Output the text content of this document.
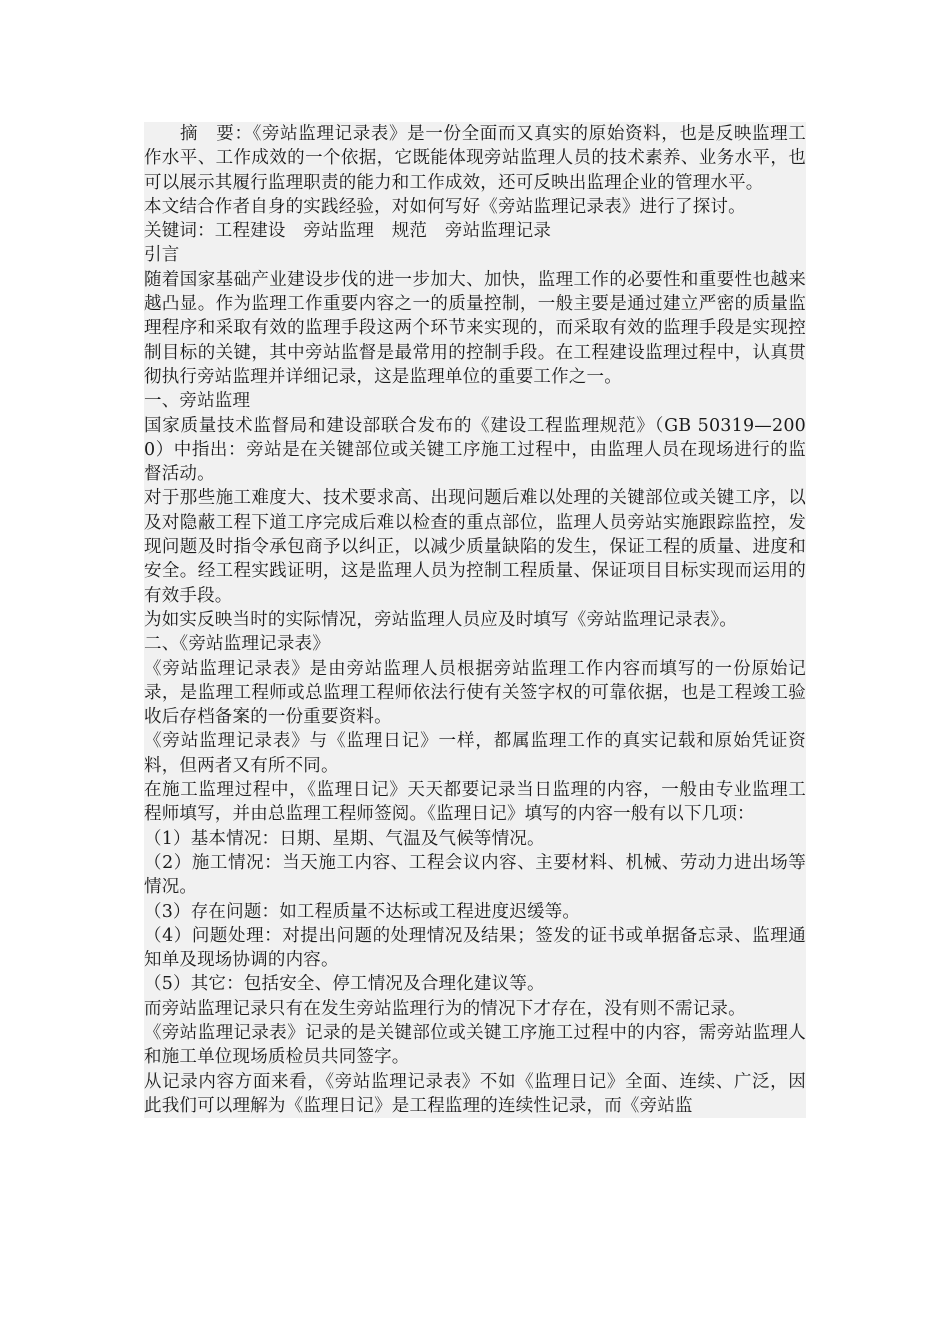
摘　要：《旁站监理记录表》是一份全面而又真实的原始资料，也是反映监理工作水平、工作成效的一个依据，它既能体现旁站监理人员的技术素养、业务水平，也可以展示其履行监理职责的能力和工作成效，还可反映出监理企业的管理水平。

本文结合作者自身的实践经验，对如何写好《旁站监理记录表》进行了探讨。

关键词：工程建设　旁站监理　规范　旁站监理记录

引言

随着国家基础产业建设步伐的进一步加大、加快，监理工作的必要性和重要性也越来越凸显。作为监理工作重要内容之一的质量控制，一般主要是通过建立严密的质量监理程序和采取有效的监理手段这两个环节来实现的，而采取有效的监理手段是实现控制目标的关键，其中旁站监督是最常用的控制手段。在工程建设监理过程中，认真贯彻执行旁站监理并详细记录，这是监理单位的重要工作之一。

一、旁站监理

国家质量技术监督局和建设部联合发布的《建设工程监理规范》（GB 50319—2000）中指出：旁站是在关键部位或关键工序施工过程中，由监理人员在现场进行的监督活动。

对于那些施工难度大、技术要求高、出现问题后难以处理的关键部位或关键工序，以及对隐蔽工程下道工序完成后难以检查的重点部位，监理人员旁站实施跟踪监控，发现问题及时指令承包商予以纠正，以减少质量缺陷的发生，保证工程的质量、进度和安全。经工程实践证明，这是监理人员为控制工程质量、保证项目目标实现而运用的有效手段。

为如实反映当时的实际情况，旁站监理人员应及时填写《旁站监理记录表》。

二、《旁站监理记录表》

《旁站监理记录表》是由旁站监理人员根据旁站监理工作内容而填写的一份原始记录，是监理工程师或总监理工程师依法行使有关签字权的可靠依据，也是工程竣工验收后存档备案的一份重要资料。

《旁站监理记录表》与《监理日记》一样，都属监理工作的真实记载和原始凭证资料，但两者又有所不同。

在施工监理过程中，《监理日记》天天都要记录当日监理的内容，一般由专业监理工程师填写，并由总监理工程师签阅。《监理日记》填写的内容一般有以下几项：

（1）基本情况：日期、星期、气温及气候等情况。

（2）施工情况：当天施工内容、工程会议内容、主要材料、机械、劳动力进出场等情况。

（3）存在问题：如工程质量不达标或工程进度迟缓等。

（4）问题处理：对提出问题的处理情况及结果；签发的证书或单据备忘录、监理通知单及现场协调的内容。

（5）其它：包括安全、停工情况及合理化建议等。

而旁站监理记录只有在发生旁站监理行为的情况下才存在，没有则不需记录。

《旁站监理记录表》记录的是关键部位或关键工序施工过程中的内容，需旁站监理人和施工单位现场质检员共同签字。

从记录内容方面来看，《旁站监理记录表》不如《监理日记》全面、连续、广泛，因此我们可以理解为《监理日记》是工程监理的连续性记录，而《旁站监
